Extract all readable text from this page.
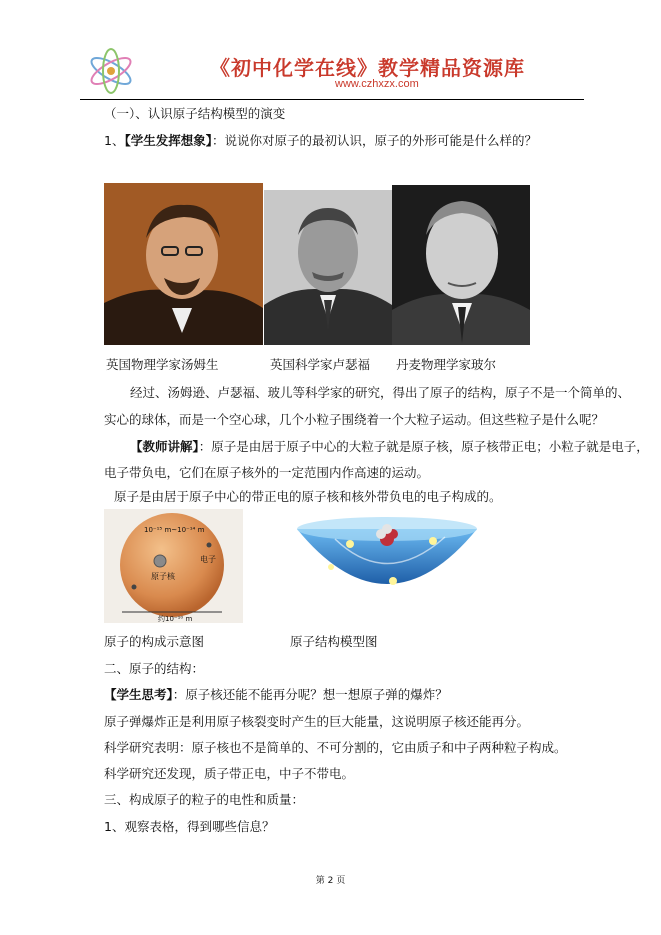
《初中化学在线》教学精品资源库
www.czhxzx.com
（一）、认识原子结构模型的演变
1、【学生发挥想象】：说说你对原子的最初认识，原子的外形可能是什么样的？
英国物理学家汤姆生	英国科学家卢瑟福 丹麦物理学家玻尔
经过、汤姆逊、卢瑟福、玻儿等科学家的研究，得出了原子的结构，原子不是一个简单的、
实心的球体，而是一个空心球，几个小粒子围绕着一个大粒子运动。但这些粒子是什么呢？
【教师讲解】：原子是由居于原子中心的大粒子就是原子核，原子核带正电；小粒子就是电子，
电子带负电，它们在原子核外的一定范围内作高速的运动。
原子是由居于原子中心的带正电的原子核和核外带负电的电子构成的。
10⁻¹⁵ m~10⁻¹⁴ m
电子
原子核
约10⁻¹⁰ m
原子的构成示意图	原子结构模型图
二、原子的结构：
【学生思考】：原子核还能不能再分呢？想一想原子弹的爆炸？
原子弹爆炸正是利用原子核裂变时产生的巨大能量，这说明原子核还能再分。
科学研究表明：原子核也不是简单的、不可分割的，它由质子和中子两种粒子构成。
科学研究还发现，质子带正电，中子不带电。
三、构成原子的粒子的电性和质量：
1、观察表格，得到哪些信息？
第 2 页
